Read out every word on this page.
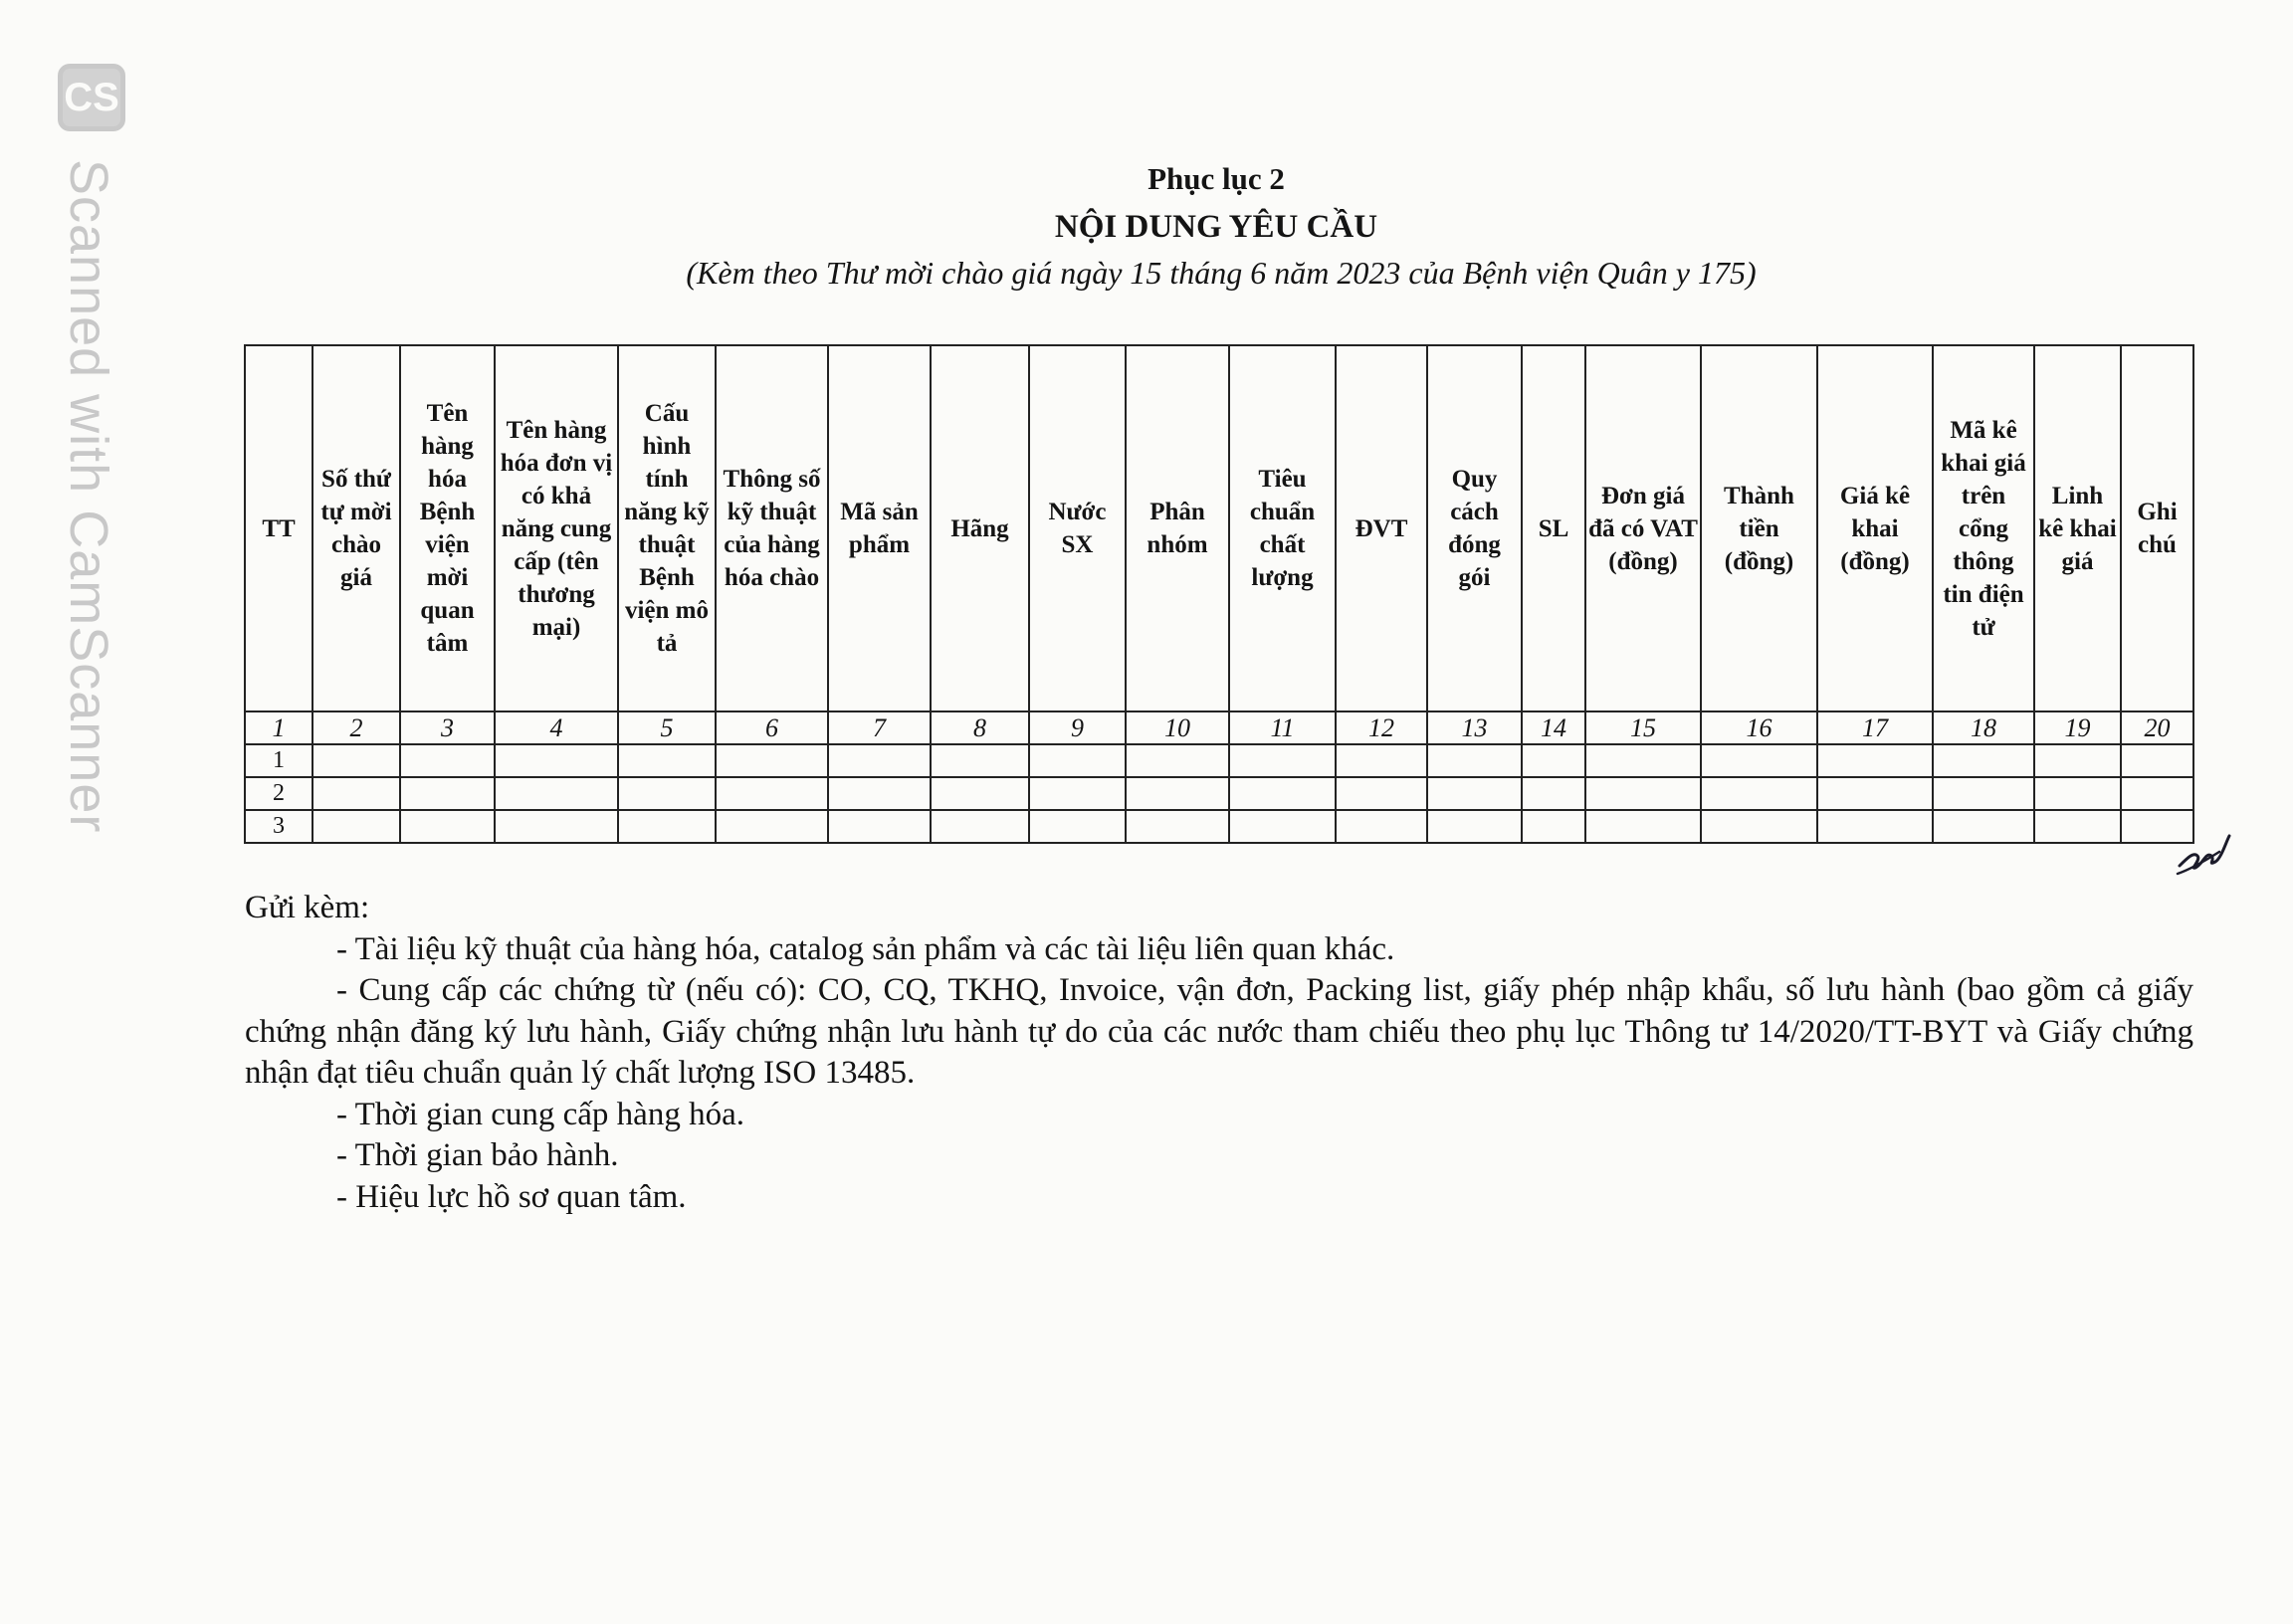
CS
Scanned with CamScanner	Phục lục 2
NỘI DUNG YÊU CẦU
(Kèm theo Thư mời chào giá ngày 15 tháng 6 năm 2023 của Bệnh viện Quân y 175)
TT	Số thứ tự mời chào giá	Tên hàng hóa Bệnh viện mời quan tâm	Tên hàng hóa đơn vị có khả năng cung cấp (tên thương mại)	Cấu hình tính năng kỹ thuật Bệnh viện mô tả	Thông số kỹ thuật của hàng hóa chào	Mã sản phẩm	Hãng	Nước SX	Phân nhóm	Tiêu chuẩn chất lượng	ĐVT	Quy cách đóng gói	SL	Đơn giá đã có VAT (đồng)	Thành tiền (đồng)	Giá kê khai (đồng)	Mã kê khai giá trên cổng thông tin điện tử	Linh kê khai giá	Ghi chú
1	2	3	4	5	6	7	8	9	10	11	12	13	14	15	16	17	18	19	20
1																			
2																			
3																			

Gửi kèm:

- Tài liệu kỹ thuật của hàng hóa, catalog sản phẩm và các tài liệu liên quan khác.

- Cung cấp các chứng từ (nếu có): CO, CQ, TKHQ, Invoice, vận đơn, Packing list, giấy phép nhập khẩu, số lưu hành (bao gồm cả giấy chứng nhận đăng ký lưu hành, Giấy chứng nhận lưu hành tự do của các nước tham chiếu theo phụ lục Thông tư 14/2020/TT-BYT và Giấy chứng nhận đạt tiêu chuẩn quản lý chất lượng ISO 13485.

- Thời gian cung cấp hàng hóa.

- Thời gian bảo hành.

- Hiệu lực hồ sơ quan tâm.
